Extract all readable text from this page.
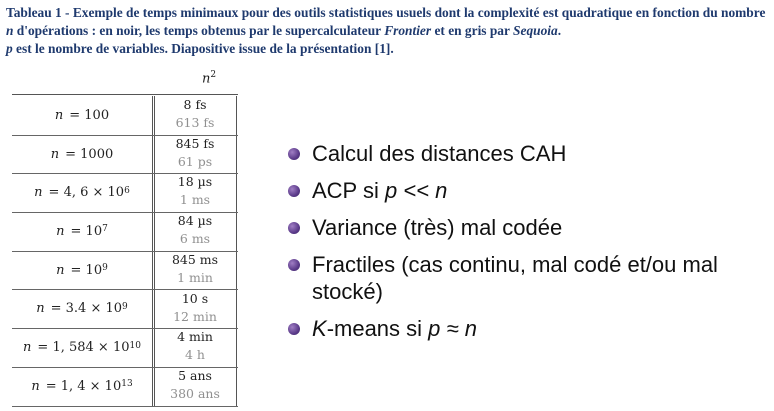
Tableau 1 - Exemple de temps minimaux pour des outils statistiques usuels dont la complexité est quadratique en fonction du nombre n d'opérations : en noir, les temps obtenus par le supercalculateur Frontier et en gris par Sequoia.
p est le nombre de variables. Diapositive issue de la présentation [1].
$n^2$
n = 100
8 fs
613 fs
n = 1000
845 fs
61 ps
n = 4, $6 \times 10^6$
18 µs
1 ms
$n = 10^7$
84 µs
6 ms
$n = 10^9$
845 ms
1 min
$n = 3.4 \times 10^9$
10 s
12 min
n = 1, $584 \times 10^{10}$
4 min
4 h
n = 1, $4 \times 10^{13}$
5 ans
380 ans
Calcul des distances CAH
ACP si p << n
Variance (très) mal codée
Fractiles (cas continu, mal codé et/ou mal stocké)
K-means si p ≈ n
